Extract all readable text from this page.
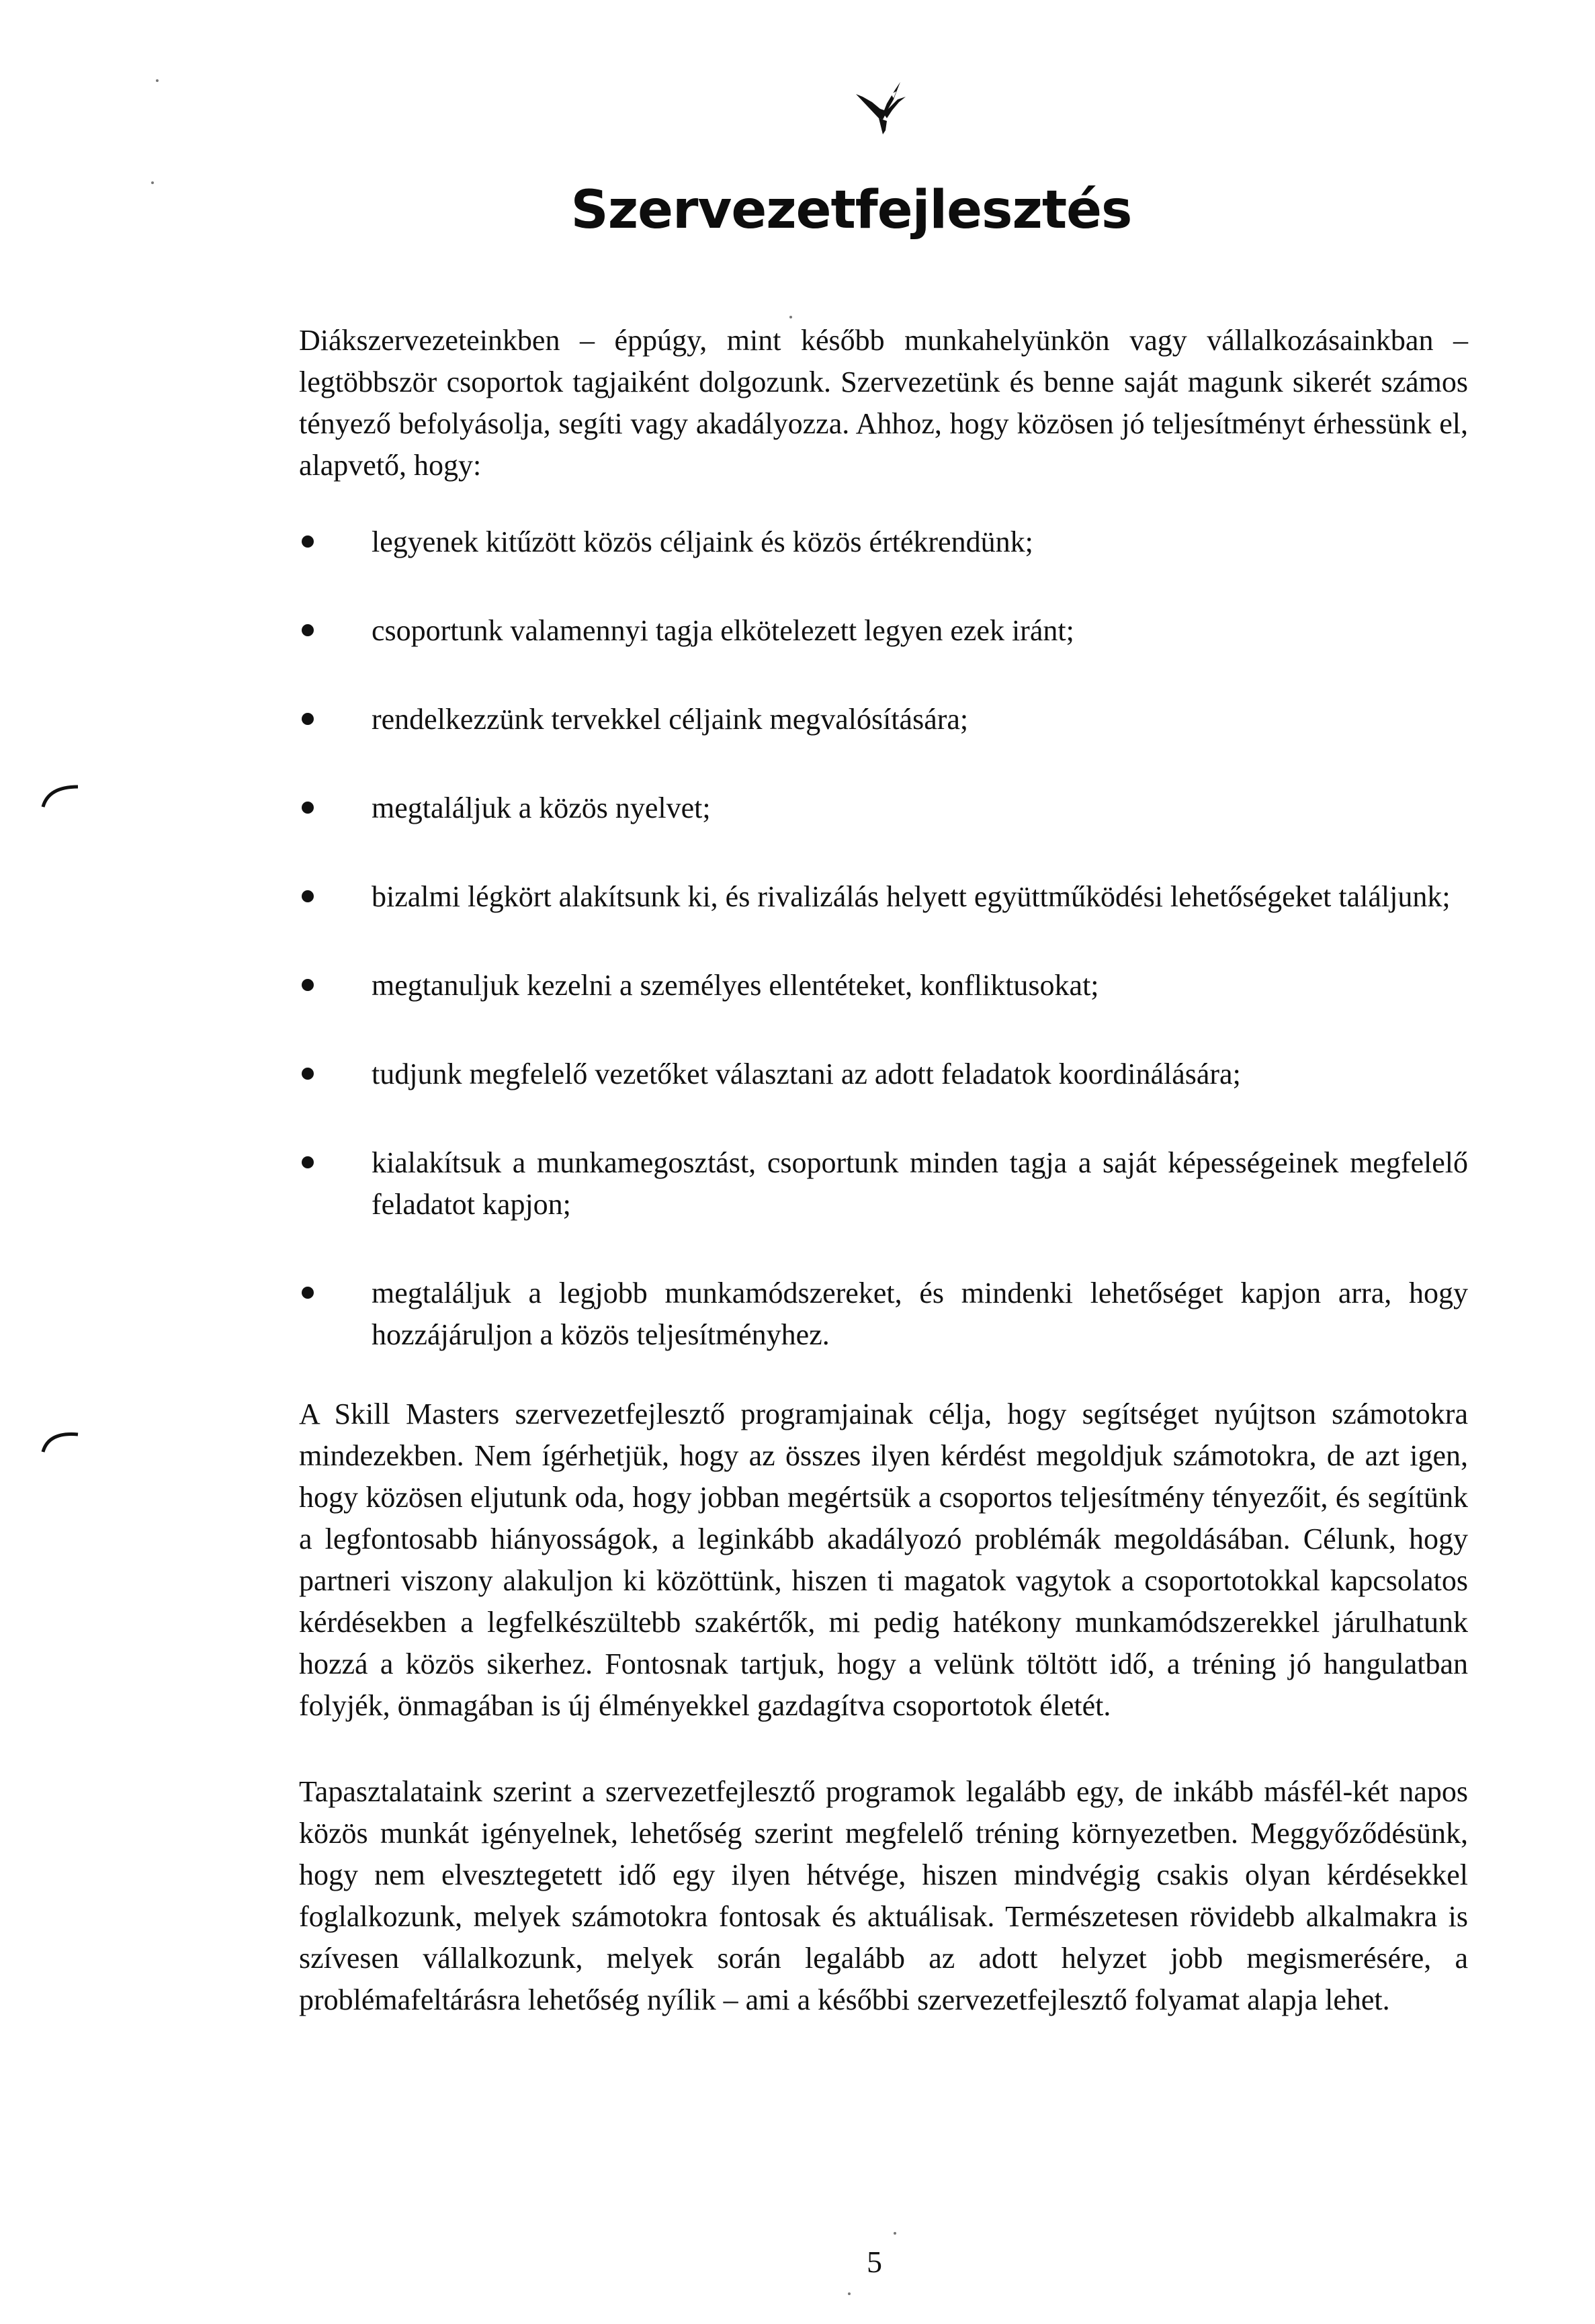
Szervezetfejlesztés

Diákszervezeteinkben – éppúgy, mint később munkahelyünkön vagy vállalkozásainkban – legtöbbször csoportok tagjaiként dolgozunk. Szervezetünk és benne saját magunk sikerét számos tényező befolyásolja, segíti vagy akadályozza. Ahhoz, hogy közösen jó teljesítményt érhessünk el, alapvető, hogy:

legyenek kitűzött közös céljaink és közös értékrendünk;
csoportunk valamennyi tagja elkötelezett legyen ezek iránt;
rendelkezzünk tervekkel céljaink megvalósítására;
megtaláljuk a közös nyelvet;
bizalmi légkört alakítsunk ki, és rivalizálás helyett együttműködési lehetőségeket találjunk;
megtanuljuk kezelni a személyes ellentéteket, konfliktusokat;
tudjunk megfelelő vezetőket választani az adott feladatok koordinálására;
kialakítsuk a munkamegosztást, csoportunk minden tagja a saját képességeinek megfelelő feladatot kapjon;
megtaláljuk a legjobb munkamódszereket, és mindenki lehetőséget kapjon arra, hogy hozzájáruljon a közös teljesítményhez.

A Skill Masters szervezetfejlesztő programjainak célja, hogy segítséget nyújtson számotokra mindezekben. Nem ígérhetjük, hogy az összes ilyen kérdést megoldjuk számotokra, de azt igen, hogy közösen eljutunk oda, hogy jobban megértsük a csoportos teljesítmény tényezőit, és segítünk a legfontosabb hiányosságok, a leginkább akadályozó problémák megoldásában. Célunk, hogy partneri viszony alakuljon ki közöttünk, hiszen ti magatok vagytok a csoportotokkal kapcsolatos kérdésekben a legfelkészültebb szakértők, mi pedig hatékony munkamódszerekkel járulhatunk hozzá a közös sikerhez. Fontosnak tartjuk, hogy a velünk töltött idő, a tréning jó hangulatban folyjék, önmagában is új élményekkel gazdagítva csoportotok életét.

Tapasztalataink szerint a szervezetfejlesztő programok legalább egy, de inkább másfél-két napos közös munkát igényelnek, lehetőség szerint megfelelő tréning környezetben. Meggyőződésünk, hogy nem elvesztegetett idő egy ilyen hétvége, hiszen mindvégig csakis olyan kérdésekkel foglalkozunk, melyek számotokra fontosak és aktuálisak. Természetesen rövidebb alkalmakra is szívesen vállalkozunk, melyek során legalább az adott helyzet jobb megismerésére, a problémafeltárásra lehetőség nyílik – ami a későbbi szervezetfejlesztő folyamat alapja lehet.

5
